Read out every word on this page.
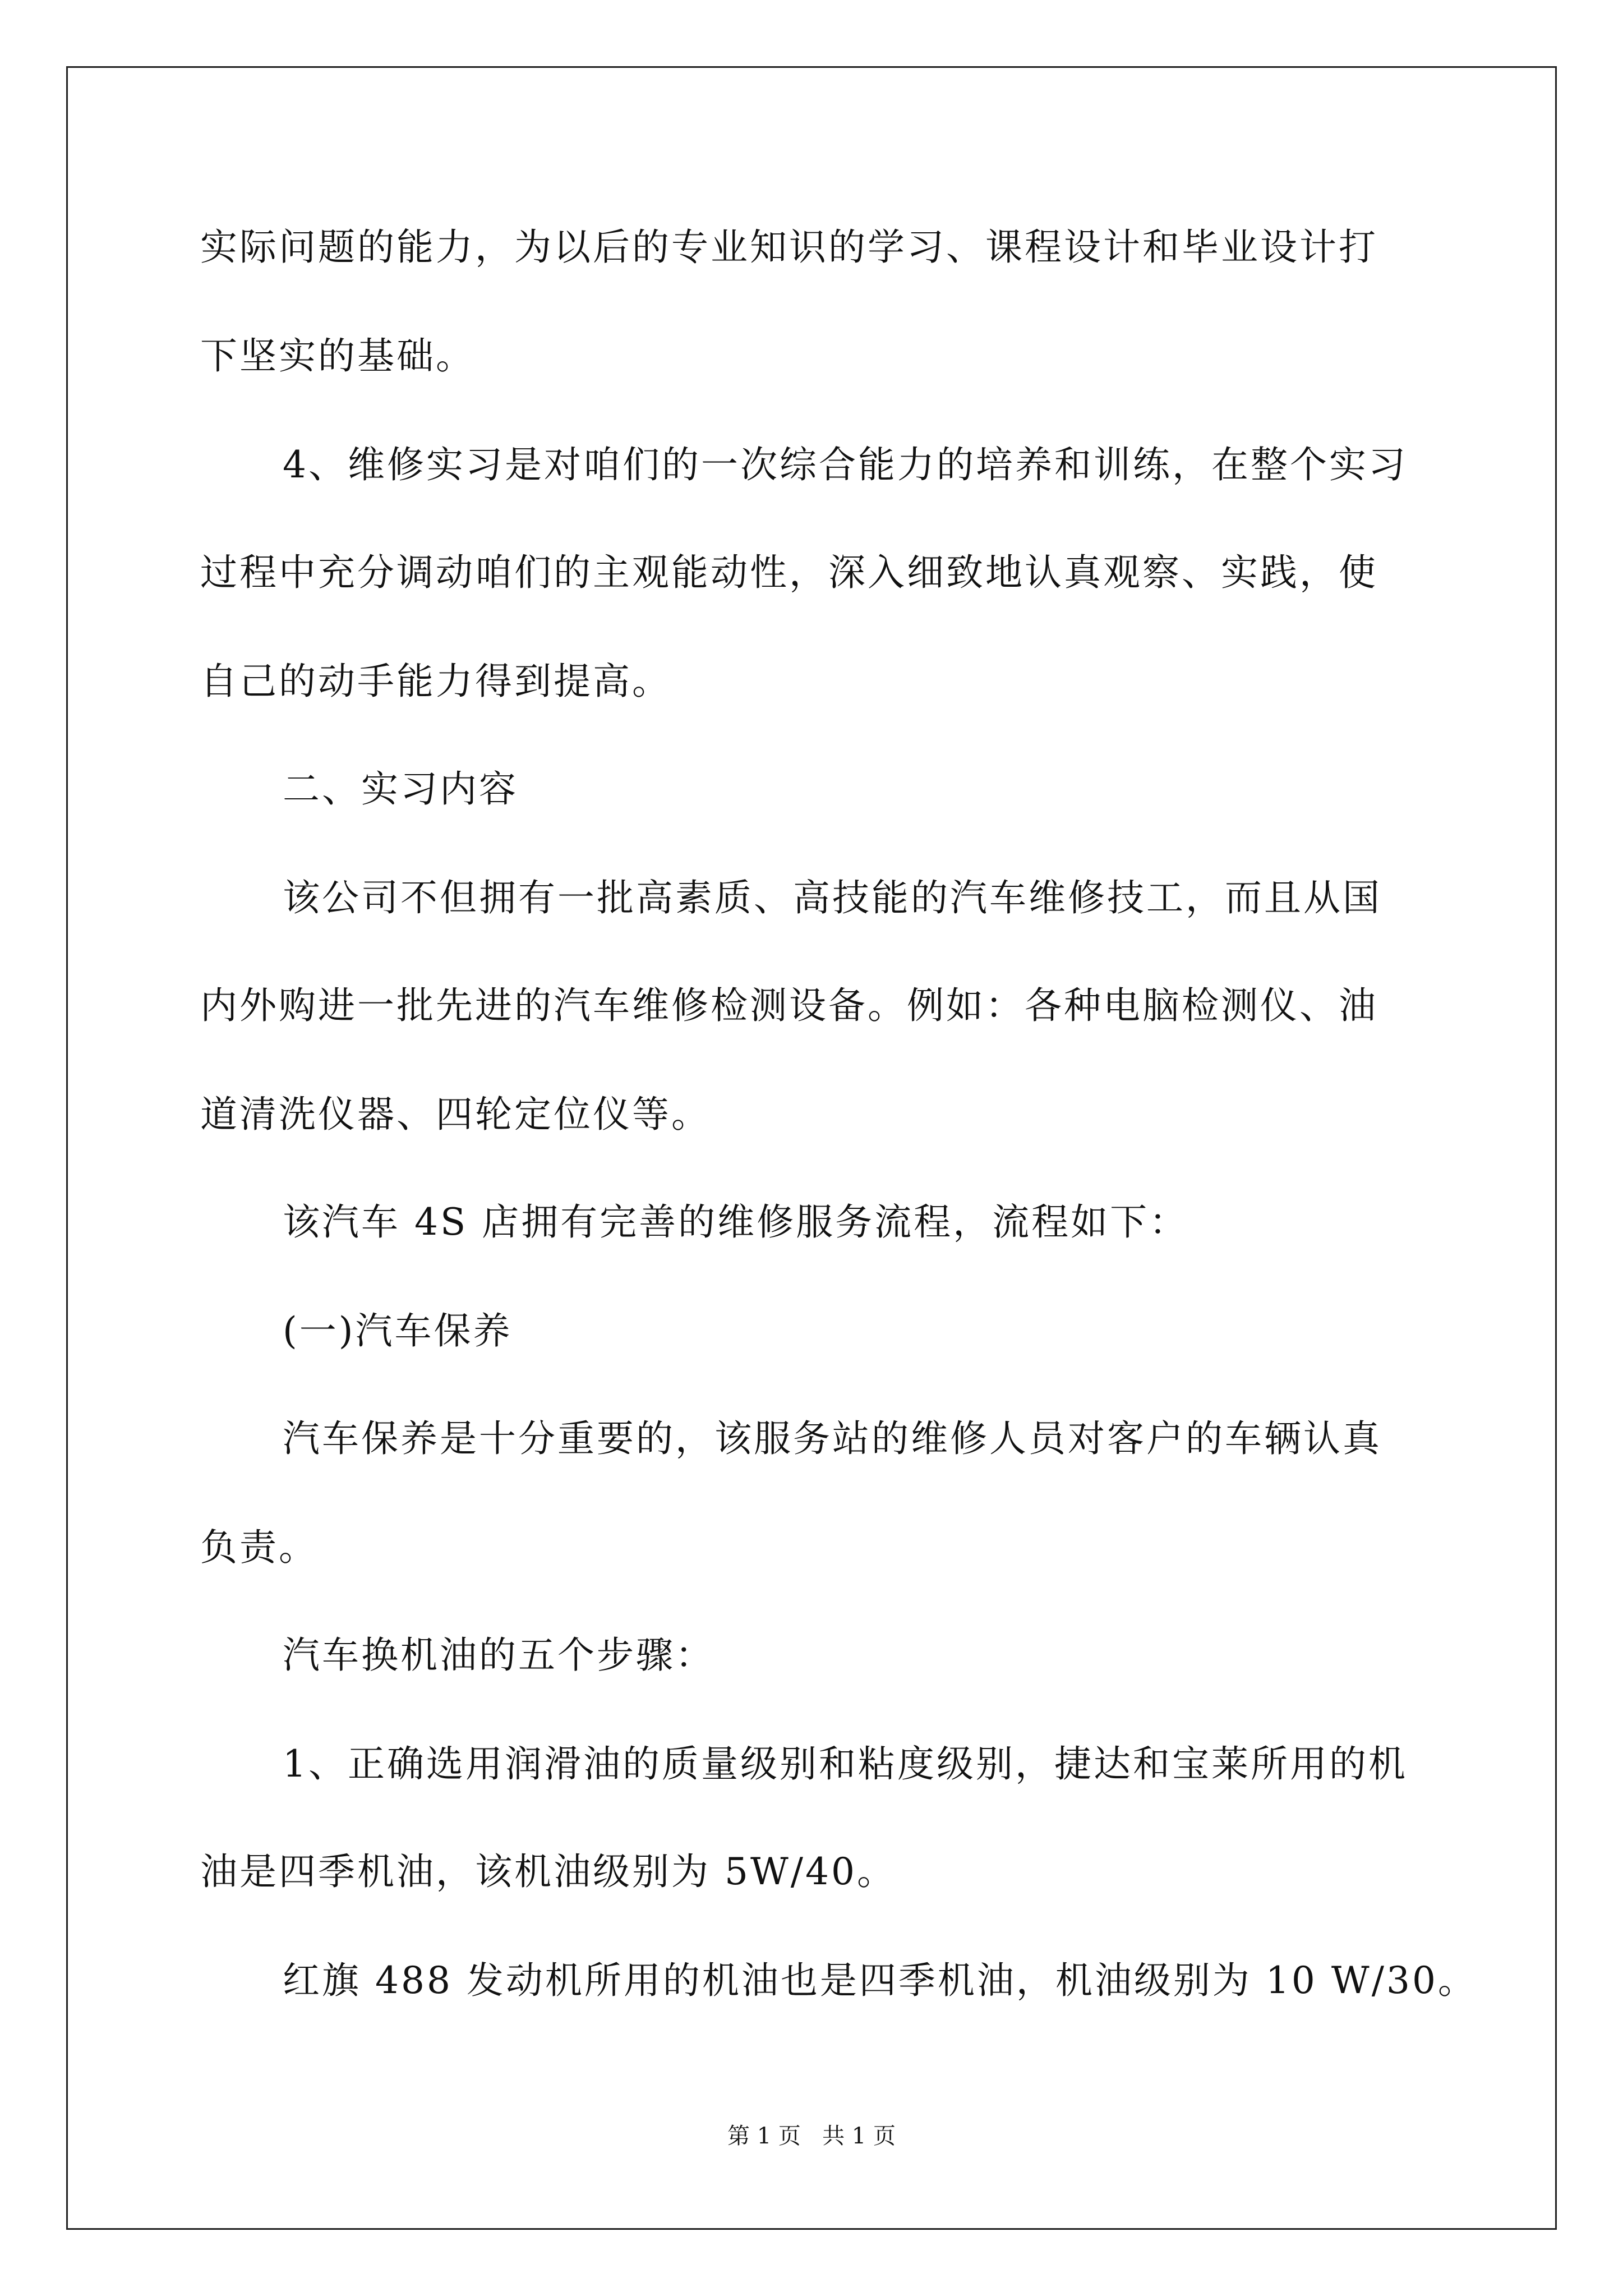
实际问题的能力，为以后的专业知识的学习、课程设计和毕业设计打

下坚实的基础。

4、维修实习是对咱们的一次综合能力的培养和训练，在整个实习

过程中充分调动咱们的主观能动性，深入细致地认真观察、实践，使

自己的动手能力得到提高。

二、实习内容

该公司不但拥有一批高素质、高技能的汽车维修技工，而且从国

内外购进一批先进的汽车维修检测设备。例如：各种电脑检测仪、油

道清洗仪器、四轮定位仪等。

该汽车 4S 店拥有完善的维修服务流程，流程如下：

(一)汽车保养

汽车保养是十分重要的，该服务站的维修人员对客户的车辆认真

负责。

汽车换机油的五个步骤：

1、正确选用润滑油的质量级别和粘度级别，捷达和宝莱所用的机

油是四季机油，该机油级别为 5W/40。

红旗 488 发动机所用的机油也是四季机油，机油级别为 10 W/30。

第 1 页   共 1 页
